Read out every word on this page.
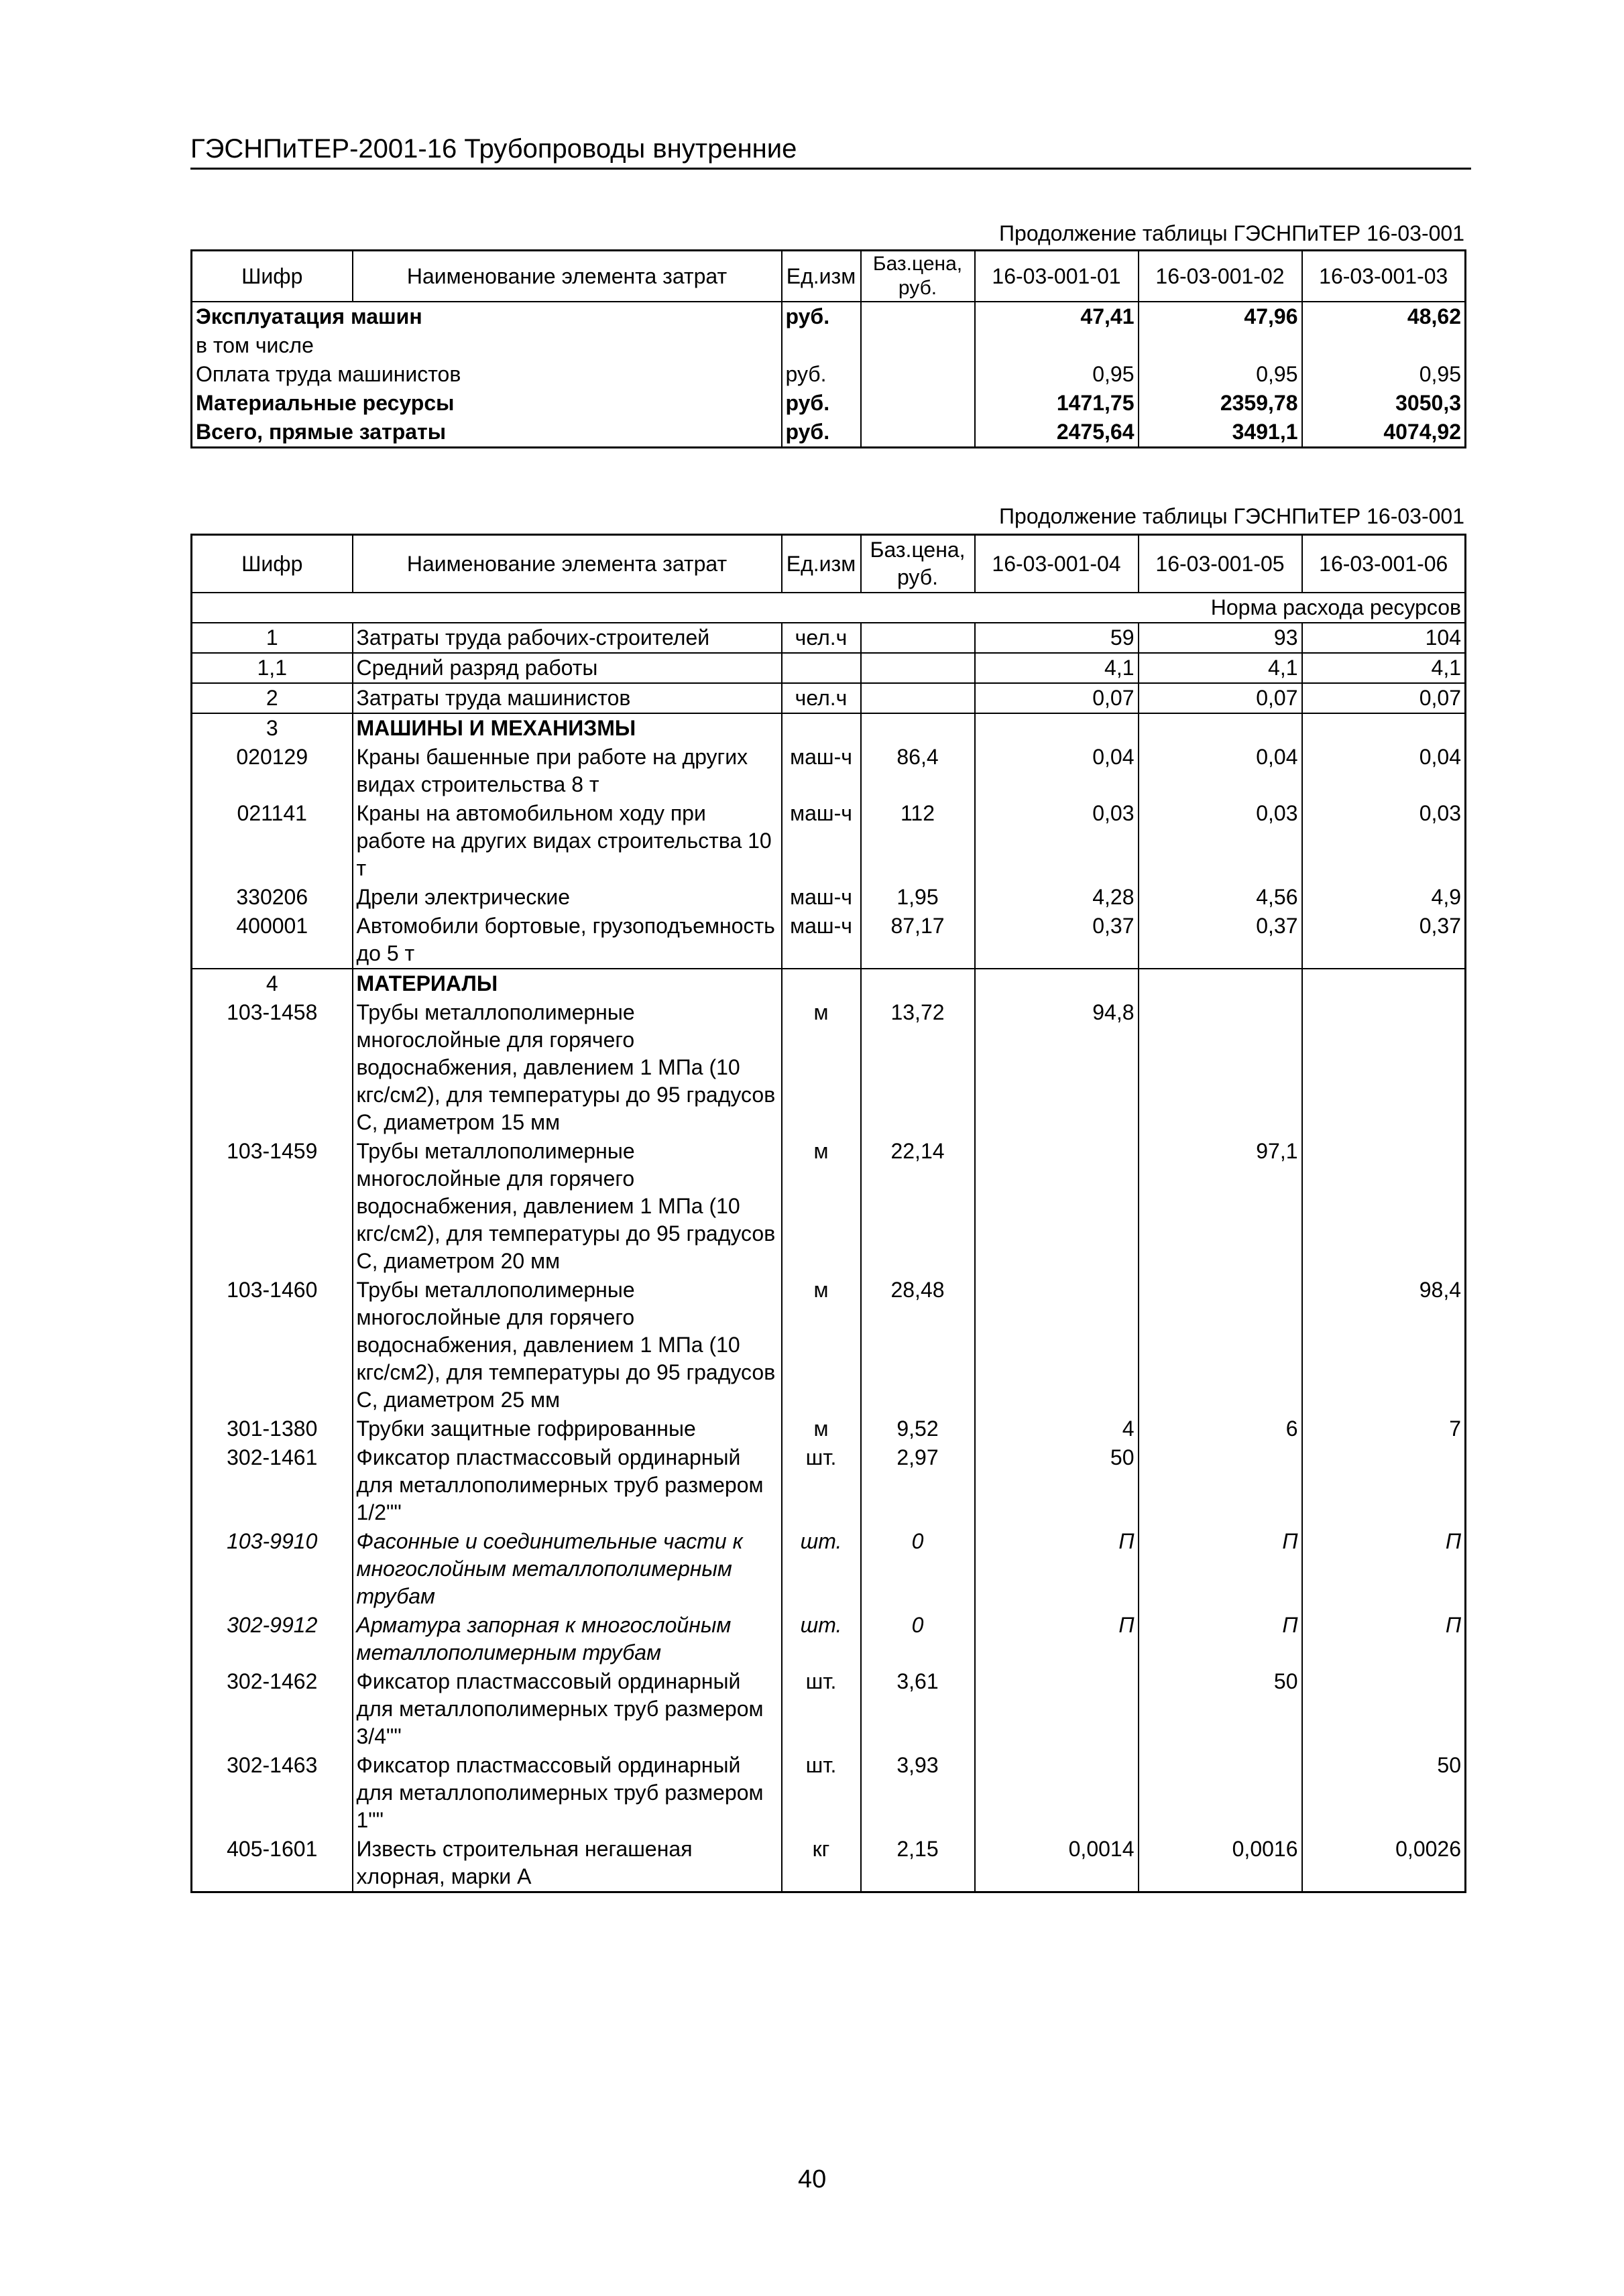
ГЭСНПиТЕР-2001-16 Трубопроводы внутренние
Продолжение таблицы ГЭСНПиТЕР 16-03-001
Шифр	Наименование элемента затрат	Ед.изм	Баз.цена, руб.	16-03-001-01	16-03-001-02	16-03-001-03
Эксплуатация машин		руб.		47,41	47,96	48,62
в том числе						
Оплата труда машинистов		руб.		0,95	0,95	0,95
Материальные ресурсы		руб.		1471,75	2359,78	3050,3
Всего, прямые затраты		руб.		2475,64	3491,1	4074,92
Продолжение таблицы ГЭСНПиТЕР 16-03-001
Шифр	Наименование элемента затрат	Ед.изм	Баз.цена, руб.	16-03-001-04	16-03-001-05	16-03-001-06
Норма расхода ресурсов						
1	Затраты труда рабочих-строителей	чел.ч		59	93	104
1,1	Средний разряд работы			4,1	4,1	4,1
2	Затраты труда машинистов	чел.ч		0,07	0,07	0,07
3	МАШИНЫ И МЕХАНИЗМЫ					
020129	Краны башенные при работе на других видах строительства 8 т	маш-ч	86,4	0,04	0,04	0,04
021141	Краны на автомобильном ходу при работе на других видах строительства 10 т	маш-ч	112	0,03	0,03	0,03
330206	Дрели электрические	маш-ч	1,95	4,28	4,56	4,9
400001	Автомобили бортовые, грузоподъемность до 5 т	маш-ч	87,17	0,37	0,37	0,37
4	МАТЕРИАЛЫ					
103-1458	Трубы металлополимерные многослойные для горячего водоснабжения, давлением 1 МПа (10 кгс/см2), для температуры до 95 градусов С, диаметром 15 мм	м	13,72	94,8		
103-1459	Трубы металлополимерные многослойные для горячего водоснабжения, давлением 1 МПа (10 кгс/см2), для температуры до 95 градусов С, диаметром 20 мм	м	22,14		97,1	
103-1460	Трубы металлополимерные многослойные для горячего водоснабжения, давлением 1 МПа (10 кгс/см2), для температуры до 95 градусов С, диаметром 25 мм	м	28,48			98,4
301-1380	Трубки защитные гофрированные	м	9,52	4	6	7
302-1461	Фиксатор пластмассовый ординарный для металлополимерных труб размером 1/2""	шт.	2,97	50		
103-9910	Фасонные и соединительные части к многослойным металлополимерным трубам	шт.	0	П	П	П
302-9912	Арматура запорная к многослойным металлополимерным трубам	шт.	0	П	П	П
302-1462	Фиксатор пластмассовый ординарный для металлополимерных труб размером 3/4""	шт.	3,61		50	
302-1463	Фиксатор пластмассовый ординарный для металлополимерных труб размером 1""	шт.	3,93			50
405-1601	Известь строительная негашеная хлорная, марки А	кг	2,15	0,0014	0,0016	0,0026
40
